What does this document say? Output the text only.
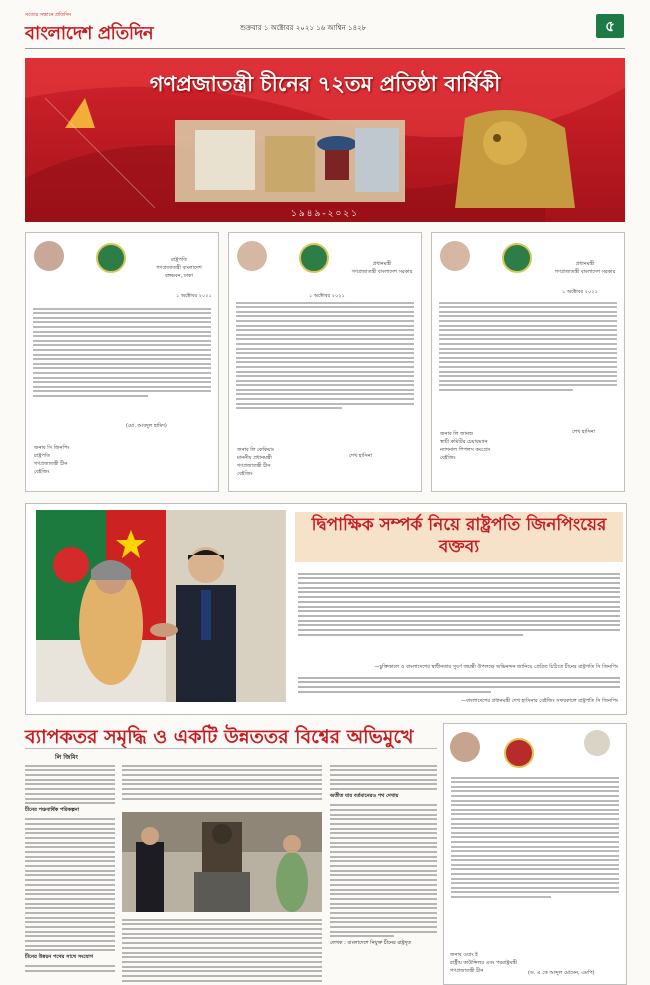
সত্যের সন্ধানে প্রতিদিন
বাংলাদেশ প্রতিদিন	শুক্রবার ১ অক্টোবর ২০২১ ১৬ আশ্বিন ১৪২৮	৫
গণপ্রজাতন্ত্রী চীনের ৭২তম প্রতিষ্ঠা বার্ষিকী
১৯৪৯-২০২১
রাষ্ট্রপতি
গণপ্রজাতন্ত্রী বাংলাদেশ
বঙ্গভবন, ঢাকা
১ অক্টোবর ২০২১
(মো. আবদুল হামিদ)
জনাব সি জিনপিং
রাষ্ট্রপতি
গণপ্রজাতন্ত্রী চীন
বেইজিং
প্রধানমন্ত্রী
গণপ্রজাতন্ত্রী বাংলাদেশ সরকার
১ অক্টোবর ২০২১
শেখ হাসিনা
জনাব লি কেকিয়াং
মাননীয় প্রধানমন্ত্রী
গণপ্রজাতন্ত্রী চীন
বেইজিং
প্রধানমন্ত্রী
গণপ্রজাতন্ত্রী বাংলাদেশ সরকার
১ অক্টোবর ২০২১
শেখ হাসিনা
জনাব লি জানশু
স্থায়ী কমিটির চেয়ারম্যান
ন্যাশনাল পিপলস কংগ্রেস
বেইজিং
দ্বিপাক্ষিক সম্পর্ক নিয়ে রাষ্ট্রপতি জিনপিংয়ের বক্তব্য
—চুক্তিকালে ও বাংলাদেশের স্বাধীনতার সুবর্ণ জয়ন্তী উপলক্ষে অভিনন্দন জানিয়ে প্রেরিত চিঠিতে চীনের রাষ্ট্রপতি সি জিনপিং
—বাংলাদেশের প্রধানমন্ত্রী শেখ হাসিনার বেইজিং সফরকালে রাষ্ট্রপতি সি জিনপিং
ব্যাপকতর সমৃদ্ধি ও একটি উন্নততর বিশ্বের অভিমুখে
লি জিমিং
চীনের পঞ্চবার্ষিক পরিকল্পনা
চীনের উন্নয়ন পথের সাথে সংযোগ
অতীত যার বর্তমানেরও পথ দেখায়
লেখক : বাংলাদেশে নিযুক্ত চীনের রাষ্ট্রদূত
(ড. এ কে আব্দুল মোমেন, এমপি)
জনাব ওয়াং ই
রাষ্ট্রীয় কাউন্সিলর এবং পররাষ্ট্রমন্ত্রী
গণপ্রজাতন্ত্রী চীন
